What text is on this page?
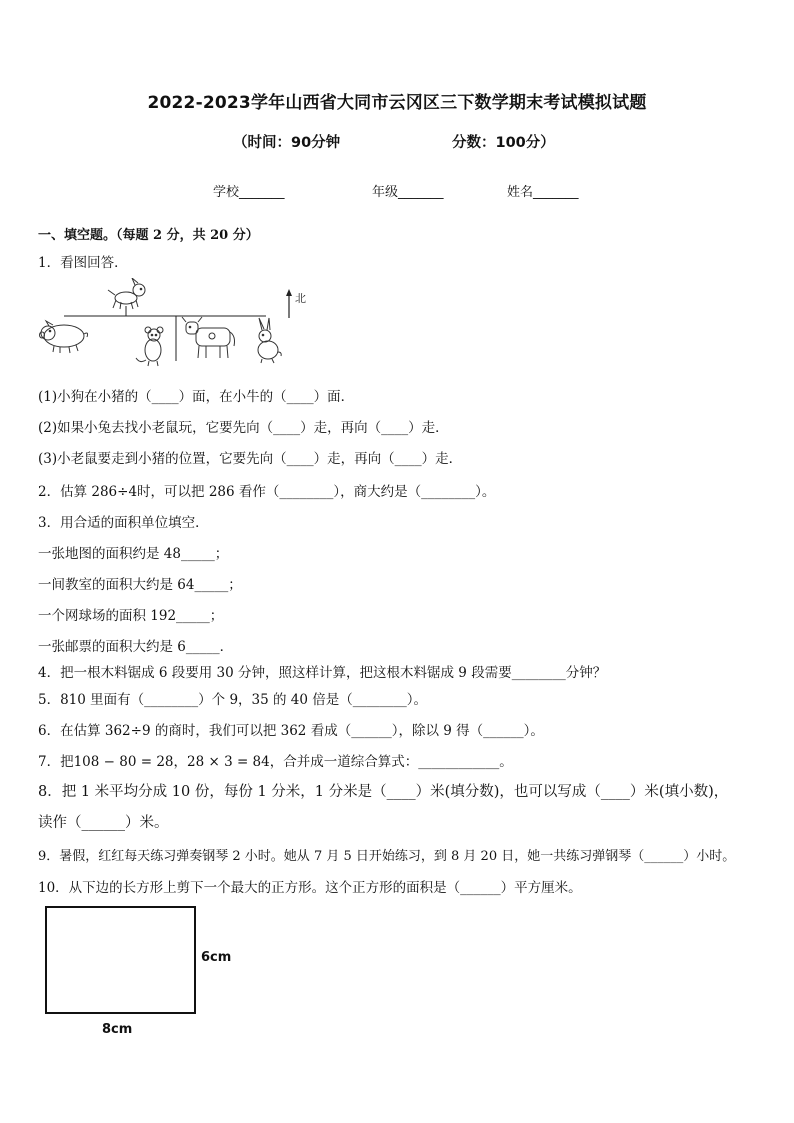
2022-2023学年山西省大同市云冈区三下数学期末考试模拟试题
（时间：90分钟	分数：100分）
学校_______	年级_______	姓名_______
一、填空题。（每题 2 分，共 20 分）
1．看图回答．
北
(1)小狗在小猪的（____）面，在小牛的（____）面．
(2)如果小兔去找小老鼠玩，它要先向（____）走，再向（____）走．
(3)小老鼠要走到小猪的位置，它要先向（____）走，再向（____）走．
2．估算 286÷4时，可以把 286 看作（________），商大约是（________）。
3．用合适的面积单位填空．
一张地图的面积约是 48_____；
一间教室的面积大约是 64_____；
一个网球场的面积 192_____；
一张邮票的面积大约是 6_____．
4．把一根木料锯成 6 段要用 30 分钟，照这样计算，把这根木料锯成 9 段需要________分钟？
5．810 里面有（________）个 9，35 的 40 倍是（________）。
6．在估算 362÷9 的商时，我们可以把 362 看成（______），除以 9 得（______）。
7．把108 − 80 = 28，28 × 3 = 84，合并成一道综合算式：____________。
8．把 1 米平均分成 10 份，每份 1 分米，1 分米是（____）米(填分数)，也可以写成（____）米(填小数)，
读作（______）米。
9．暑假，红红每天练习弹奏钢琴 2 小时。她从 7 月 5 日开始练习，到 8 月 20 日，她一共练习弹钢琴（______）小时。
10．从下边的长方形上剪下一个最大的正方形。这个正方形的面积是（______）平方厘米。
6cm
8cm
